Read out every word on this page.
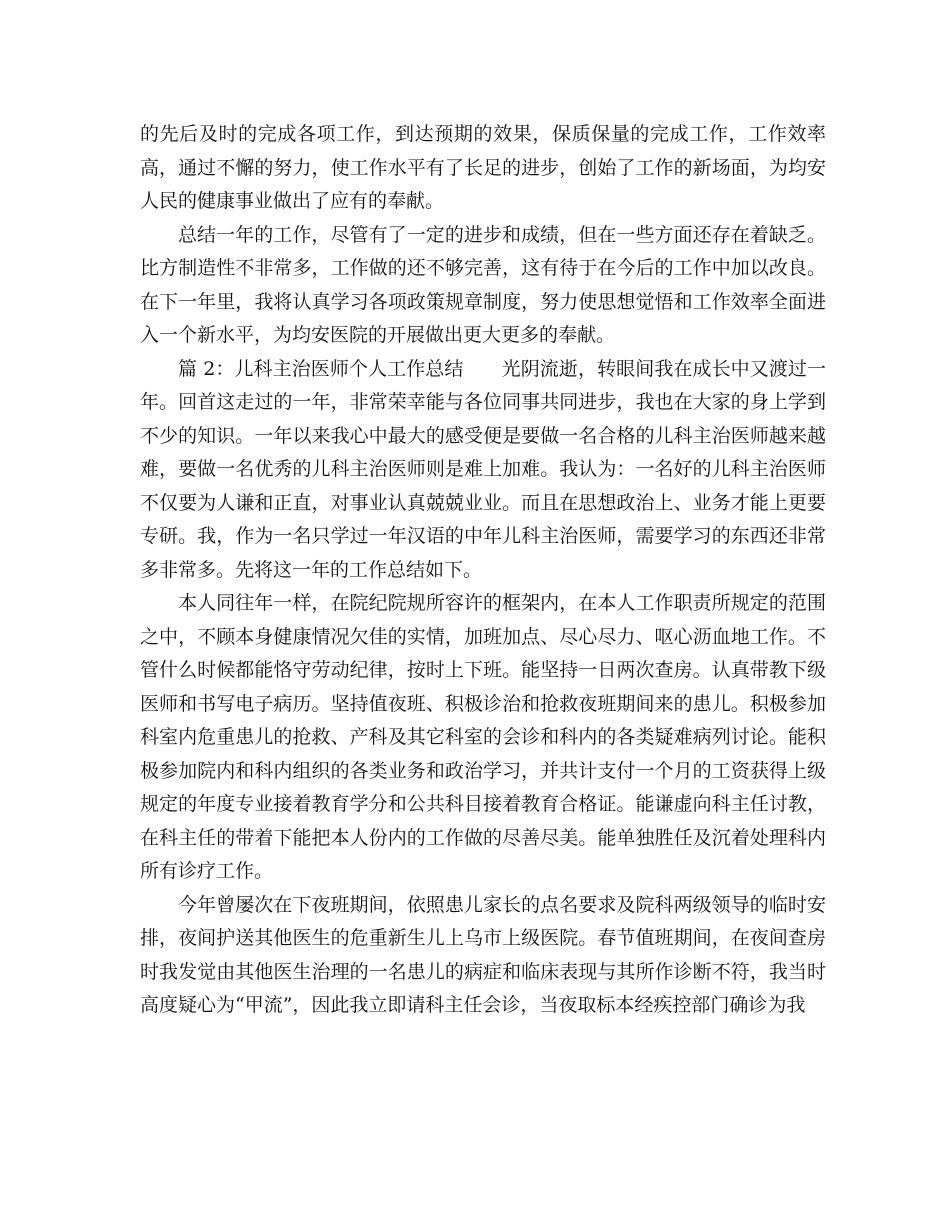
的先后及时的完成各项工作，到达预期的效果，保质保量的完成工作，工作效率高，通过不懈的努力，使工作水平有了长足的进步，创始了工作的新场面，为均安人民的健康事业做出了应有的奉献。

总结一年的工作，尽管有了一定的进步和成绩，但在一些方面还存在着缺乏。比方制造性不非常多，工作做的还不够完善，这有待于在今后的工作中加以改良。在下一年里，我将认真学习各项政策规章制度，努力使思想觉悟和工作效率全面进入一个新水平，为均安医院的开展做出更大更多的奉献。

篇 2：儿科主治医师个人工作总结　　光阴流逝，转眼间我在成长中又渡过一年。回首这走过的一年，非常荣幸能与各位同事共同进步，我也在大家的身上学到不少的知识。一年以来我心中最大的感受便是要做一名合格的儿科主治医师越来越难，要做一名优秀的儿科主治医师则是难上加难。我认为：一名好的儿科主治医师不仅要为人谦和正直，对事业认真兢兢业业。而且在思想政治上、业务才能上更要专研。我，作为一名只学过一年汉语的中年儿科主治医师，需要学习的东西还非常多非常多。先将这一年的工作总结如下。

本人同往年一样，在院纪院规所容许的框架内，在本人工作职责所规定的范围之中，不顾本身健康情况欠佳的实情，加班加点、尽心尽力、呕心沥血地工作。不管什么时候都能恪守劳动纪律，按时上下班。能坚持一日两次查房。认真带教下级医师和书写电子病历。坚持值夜班、积极诊治和抢救夜班期间来的患儿。积极参加科室内危重患儿的抢救、产科及其它科室的会诊和科内的各类疑难病列讨论。能积极参加院内和科内组织的各类业务和政治学习，并共计支付一个月的工资获得上级规定的年度专业接着教育学分和公共科目接着教育合格证。能谦虚向科主任讨教，在科主任的带着下能把本人份内的工作做的尽善尽美。能单独胜任及沉着处理科内所有诊疗工作。

今年曾屡次在下夜班期间，依照患儿家长的点名要求及院科两级领导的临时安排，夜间护送其他医生的危重新生儿上乌市上级医院。春节值班期间，在夜间查房时我发觉由其他医生治理的一名患儿的病症和临床表现与其所作诊断不符，我当时高度疑心为“甲流”，因此我立即请科主任会诊，当夜取标本经疾控部门确诊为我
